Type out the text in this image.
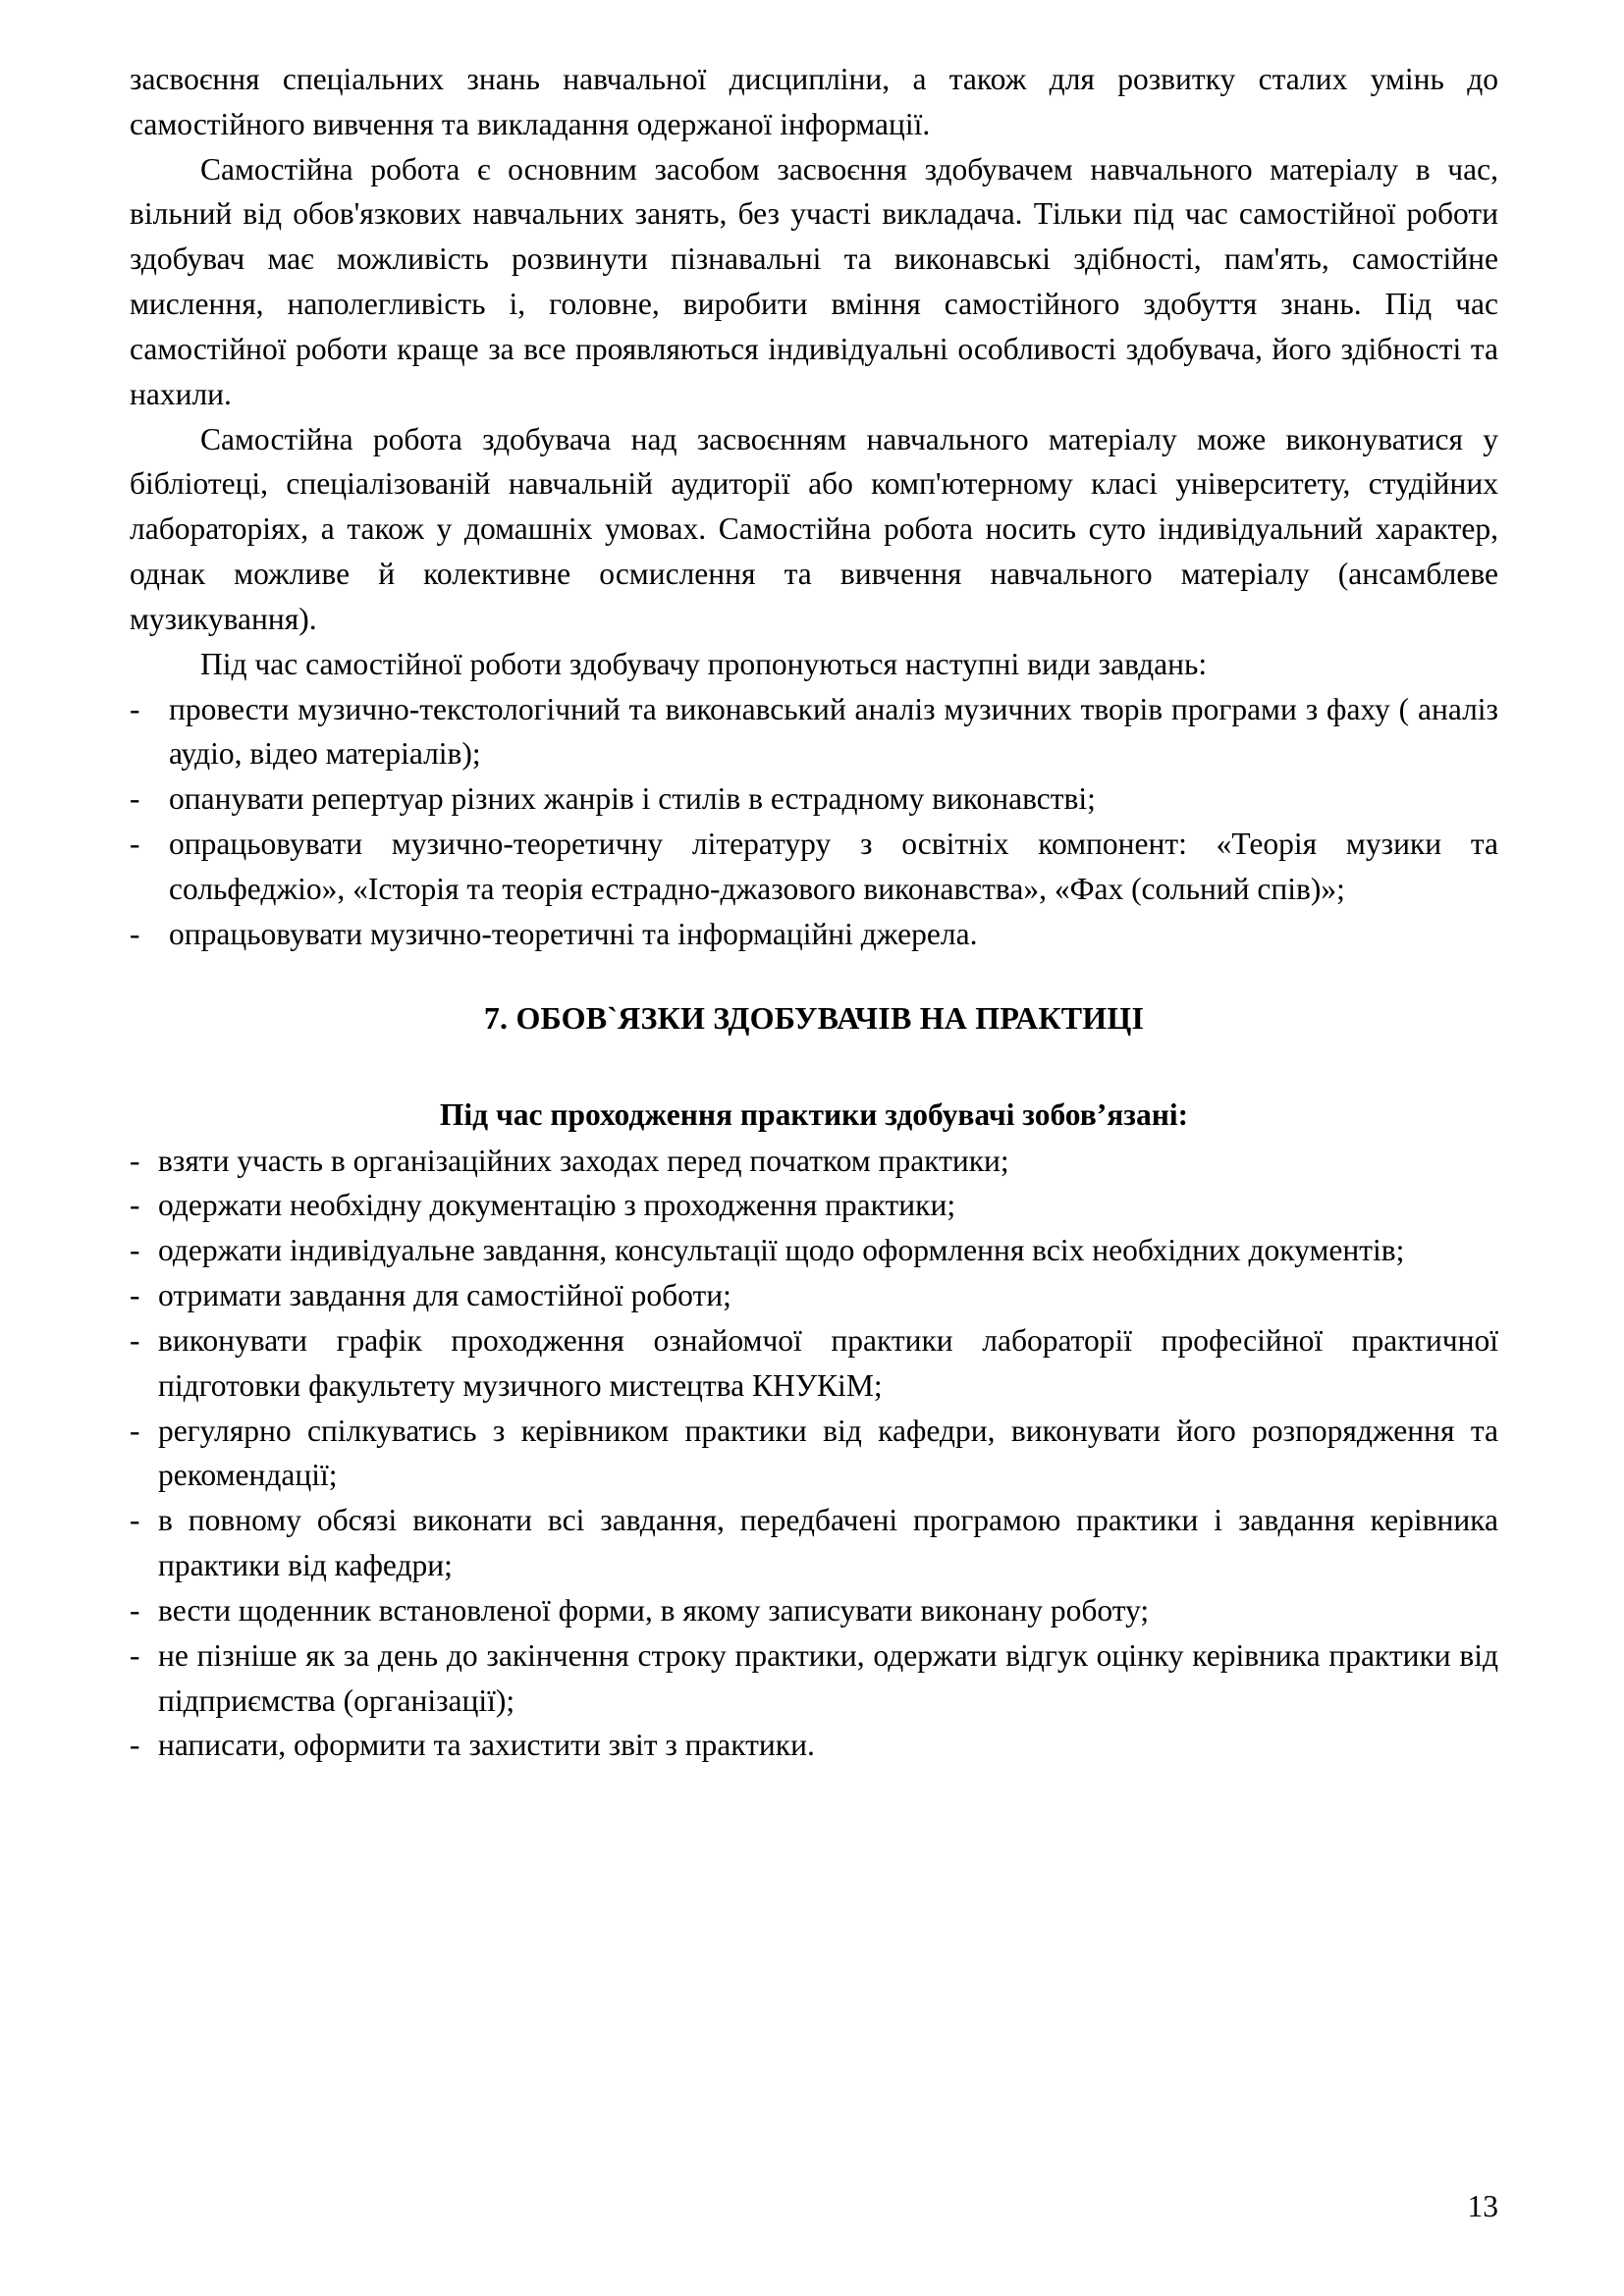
засвоєння спеціальних знань навчальної дисципліни, а також для розвитку сталих умінь до самостійного вивчення та викладання одержаної інформації.

Самостійна робота є основним засобом засвоєння здобувачем навчального матеріалу в час, вільний від обов'язкових навчальних занять, без участі викладача. Тільки під час самостійної роботи здобувач має можливість розвинути пізнавальні та виконавські здібності, пам'ять, самостійне мислення, наполегливість і, головне, виробити вміння самостійного здобуття знань. Під час самостійної роботи краще за все проявляються індивідуальні особливості здобувача, його здібності та нахили.

Самостійна робота здобувача над засвоєнням навчального матеріалу може виконуватися у бібліотеці, спеціалізованій навчальній аудиторії або комп'ютерному класі університету, студійних лабораторіях, а також у домашніх умовах. Самостійна робота носить суто індивідуальний характер, однак можливе й колективне осмислення та вивчення навчального матеріалу (ансамблеве музикування).

Під час самостійної роботи здобувачу пропонуються наступні види завдань:

- провести музично-текстологічний та виконавський аналіз музичних творів програми з фаху ( аналіз аудіо, відео матеріалів);
- опанувати репертуар різних жанрів і стилів в естрадному виконавстві;
- опрацьовувати музично-теоретичну літературу з освітніх компонент: «Теорія музики та сольфеджіо», «Історія та теорія естрадно-джазового виконавства», «Фах (сольний спів)»;
- опрацьовувати музично-теоретичні та інформаційні джерела.
7. ОБОВ`ЯЗКИ ЗДОБУВАЧІВ НА ПРАКТИЦІ
Під час проходження практики здобувачі зобов’язані:
- взяти участь в організаційних заходах перед початком практики;
- одержати необхідну документацію з проходження практики;
- одержати індивідуальне завдання, консультації щодо оформлення всіх необхідних документів;
- отримати завдання для самостійної роботи;
- виконувати графік проходження ознайомчої практики лабораторії професійної практичної підготовки факультету музичного мистецтва КНУКіМ;
- регулярно спілкуватись з керівником практики від кафедри, виконувати його розпорядження та рекомендації;
- в повному обсязі виконати всі завдання, передбачені програмою практики і завдання керівника практики від кафедри;
- вести щоденник встановленої форми, в якому записувати виконану роботу;
- не пізніше як за день до закінчення строку практики, одержати відгук оцінку керівника практики від підприємства (організації);
- написати, оформити та захистити звіт з практики.
13
